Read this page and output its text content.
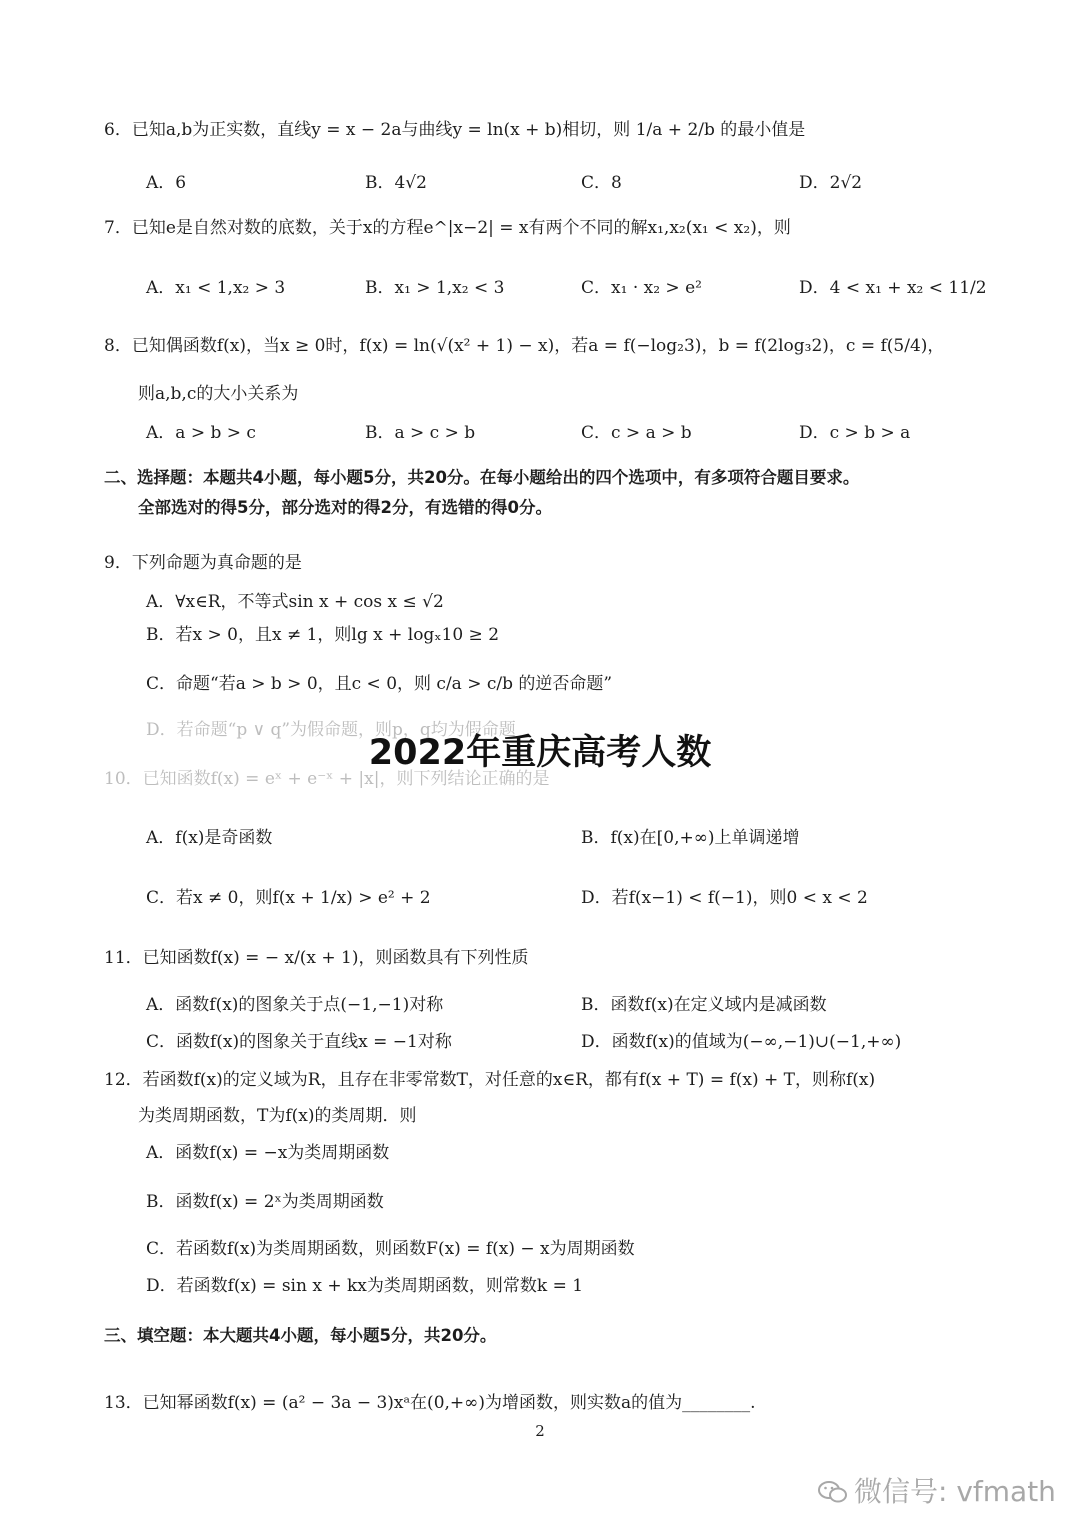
6．已知a,b为正实数，直线y = x − 2a与曲线y = ln(x + b)相切，则 1/a + 2/b 的最小值是
A．6	B．4√2	C．8	D．2√2
7．已知e是自然对数的底数，关于x的方程e^|x−2| = x有两个不同的解x₁,x₂(x₁ < x₂)，则
A．x₁ < 1,x₂ > 3	B．x₁ > 1,x₂ < 3	C．x₁ · x₂ > e²	D．4 < x₁ + x₂ < 11/2
8．已知偶函数f(x)，当x ≥ 0时，f(x) = ln(√(x² + 1) − x)，若a = f(−log₂3)，b = f(2log₃2)，c = f(5/4)，
则a,b,c的大小关系为
A．a > b > c	B．a > c > b	C．c > a > b	D．c > b > a
二、选择题：本题共4小题，每小题5分，共20分。在每小题给出的四个选项中，有多项符合题目要求。
全部选对的得5分，部分选对的得2分，有选错的得0分。
9．下列命题为真命题的是
A．∀x∈R，不等式sin x + cos x ≤ √2
B．若x > 0，且x ≠ 1，则lg x + logₓ10 ≥ 2
C．命题“若a > b > 0，且c < 0，则 c/a > c/b 的逆否命题”
D．若命题“p ∨ q”为假命题，则p，q均为假命题
10．已知函数f(x) = eˣ + e⁻ˣ + |x|，则下列结论正确的是
A．f(x)是奇函数	B．f(x)在[0,+∞)上单调递增
C．若x ≠ 0，则f(x + 1/x) > e² + 2	D．若f(x−1) < f(−1)，则0 < x < 2
11．已知函数f(x) = − x/(x + 1)，则函数具有下列性质
A．函数f(x)的图象关于点(−1,−1)对称	B．函数f(x)在定义域内是减函数
C．函数f(x)的图象关于直线x = −1对称	D．函数f(x)的值域为(−∞,−1)∪(−1,+∞)
12．若函数f(x)的定义域为R，且存在非零常数T，对任意的x∈R，都有f(x + T) = f(x) + T，则称f(x)
为类周期函数，T为f(x)的类周期．则
A．函数f(x) = −x为类周期函数
B．函数f(x) = 2ˣ为类周期函数
C．若函数f(x)为类周期函数，则函数F(x) = f(x) − x为周期函数
D．若函数f(x) = sin x + kx为类周期函数，则常数k = 1
三、填空题：本大题共4小题，每小题5分，共20分。
13．已知幂函数f(x) = (a² − 3a − 3)xᵃ在(0,+∞)为增函数，则实数a的值为________.
2
2022年重庆高考人数
微信号: vfmath
